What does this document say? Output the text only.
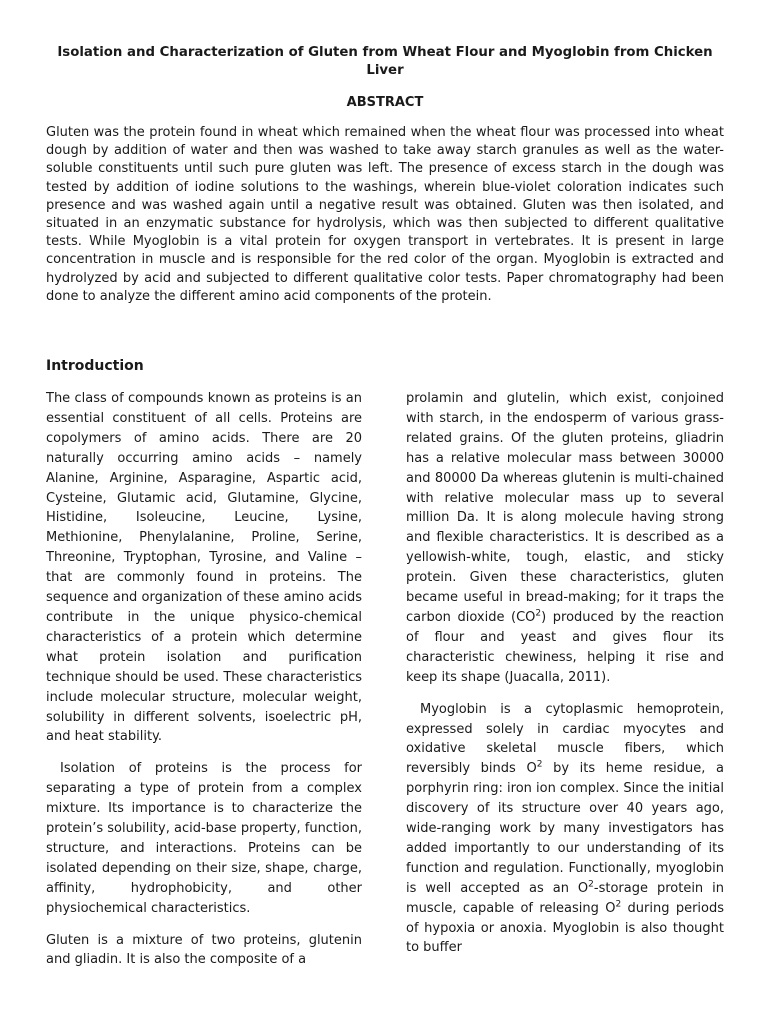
Isolation and Characterization of Gluten from Wheat Flour and Myoglobin from Chicken Liver
ABSTRACT
Gluten was the protein found in wheat which remained when the wheat flour was processed into wheat dough by addition of water and then was washed to take away starch granules as well as the water-soluble constituents until such pure gluten was left. The presence of excess starch in the dough was tested by addition of iodine solutions to the washings, wherein blue-violet coloration indicates such presence and was washed again until a negative result was obtained. Gluten was then isolated, and situated in an enzymatic substance for hydrolysis, which was then subjected to different qualitative tests. While Myoglobin is a vital protein for oxygen transport in vertebrates. It is present in large concentration in muscle and is responsible for the red color of the organ. Myoglobin is extracted and hydrolyzed by acid and subjected to different qualitative color tests. Paper chromatography had been done to analyze the different amino acid components of the protein.
Introduction

The class of compounds known as proteins is an essential constituent of all cells. Proteins are copolymers of amino acids. There are 20 naturally occurring amino acids – namely Alanine, Arginine, Asparagine, Aspartic acid, Cysteine, Glutamic acid, Glutamine, Glycine, Histidine, Isoleucine, Leucine, Lysine, Methionine, Phenylalanine, Proline, Serine, Threonine, Tryptophan, Tyrosine, and Valine – that are commonly found in proteins. The sequence and organization of these amino acids contribute in the unique physico-chemical characteristics of a protein which determine what protein isolation and purification technique should be used. These characteristics include molecular structure, molecular weight, solubility in different solvents, isoelectric pH, and heat stability.

Isolation of proteins is the process for separating a type of protein from a complex mixture. Its importance is to characterize the protein’s solubility, acid-base property, function, structure, and interactions. Proteins can be isolated depending on their size, shape, charge, affinity, hydrophobicity, and other physiochemical characteristics.

Gluten is a mixture of two proteins, glutenin and gliadin. It is also the composite of a

prolamin and glutelin, which exist, conjoined with starch, in the endosperm of various grass-related grains. Of the gluten proteins, gliadrin has a relative molecular mass between 30000 and 80000 Da whereas glutenin is multi-chained with relative molecular mass up to several million Da. It is along molecule having strong and flexible characteristics. It is described as a yellowish-white, tough, elastic, and sticky protein. Given these characteristics, gluten became useful in bread-making; for it traps the carbon dioxide $(CO^2)$ produced by the reaction of flour and yeast and gives flour its characteristic chewiness, helping it rise and keep its shape (Juacalla, 2011).

Myoglobin is a cytoplasmic hemoprotein, expressed solely in cardiac myocytes and oxidative skeletal muscle fibers, which reversibly binds $O^2$ by its heme residue, a porphyrin ring: iron ion complex. Since the initial discovery of its structure over 40 years ago, wide-ranging work by many investigators has added importantly to our understanding of its function and regulation. Functionally, myoglobin is well accepted as an $O^2$-storage protein in muscle, capable of releasing $O^2$ during periods of hypoxia or anoxia. Myoglobin is also thought to buffer
